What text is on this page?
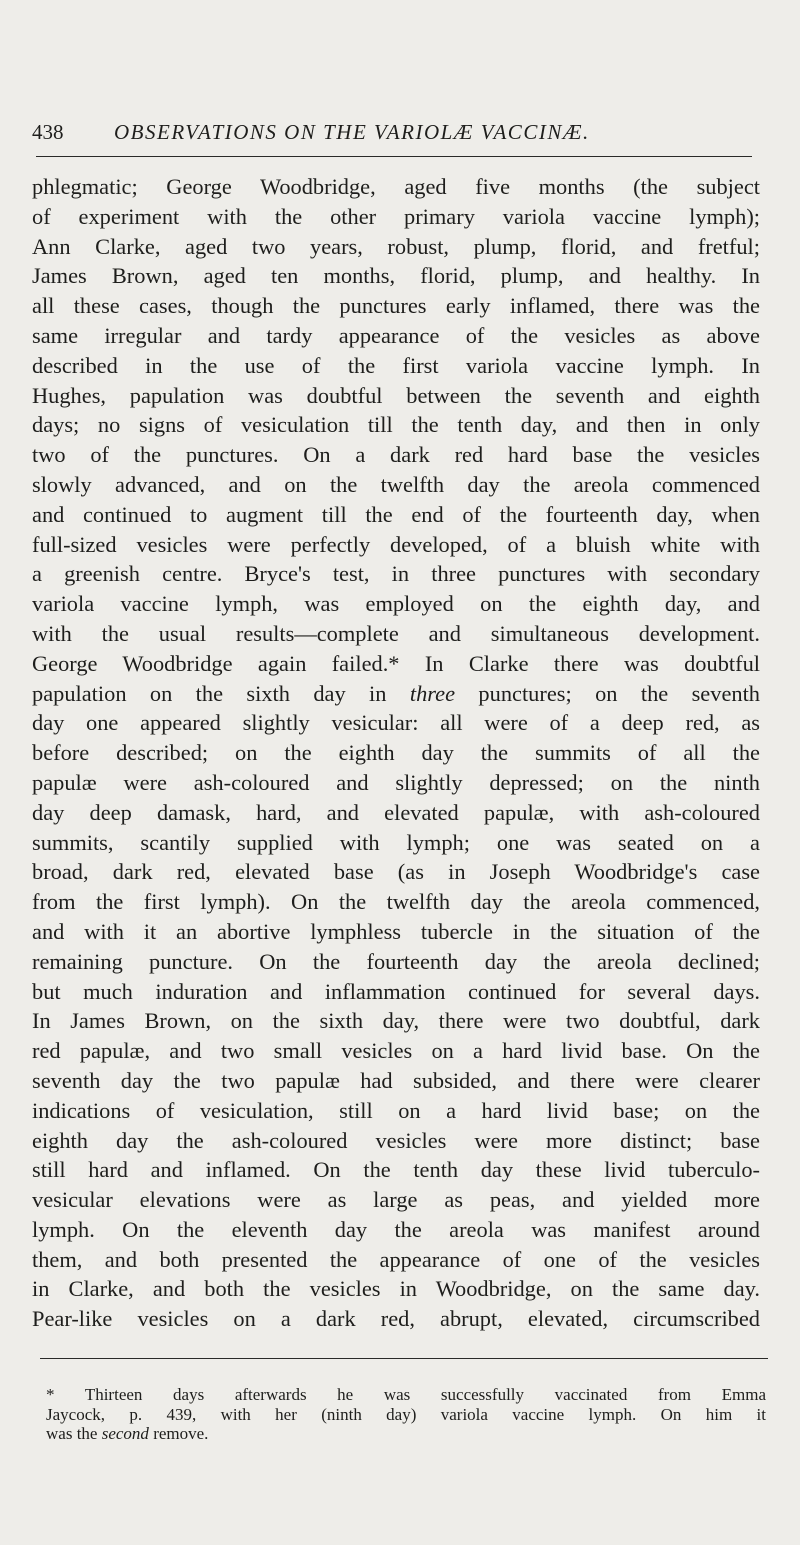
438 OBSERVATIONS ON THE VARIOLÆ VACCINÆ.
phlegmatic; George Woodbridge, aged five months (the subject
of experiment with the other primary variola vaccine lymph);
Ann Clarke, aged two years, robust, plump, florid, and fretful;
James Brown, aged ten months, florid, plump, and healthy. In
all these cases, though the punctures early inflamed, there was the
same irregular and tardy appearance of the vesicles as above
described in the use of the first variola vaccine lymph. In
Hughes, papulation was doubtful between the seventh and eighth
days; no signs of vesiculation till the tenth day, and then in only
two of the punctures. On a dark red hard base the vesicles
slowly advanced, and on the twelfth day the areola commenced
and continued to augment till the end of the fourteenth day, when
full-sized vesicles were perfectly developed, of a bluish white with
a greenish centre. Bryce's test, in three punctures with secondary
variola vaccine lymph, was employed on the eighth day, and
with the usual results—complete and simultaneous development.
George Woodbridge again failed.* In Clarke there was doubtful
papulation on the sixth day in three punctures; on the seventh
day one appeared slightly vesicular: all were of a deep red, as
before described; on the eighth day the summits of all the
papulæ were ash-coloured and slightly depressed; on the ninth
day deep damask, hard, and elevated papulæ, with ash-coloured
summits, scantily supplied with lymph; one was seated on a
broad, dark red, elevated base (as in Joseph Woodbridge's case
from the first lymph). On the twelfth day the areola commenced,
and with it an abortive lymphless tubercle in the situation of the
remaining puncture. On the fourteenth day the areola declined;
but much induration and inflammation continued for several days.
In James Brown, on the sixth day, there were two doubtful, dark
red papulæ, and two small vesicles on a hard livid base. On the
seventh day the two papulæ had subsided, and there were clearer
indications of vesiculation, still on a hard livid base; on the
eighth day the ash-coloured vesicles were more distinct; base
still hard and inflamed. On the tenth day these livid tuberculo-
vesicular elevations were as large as peas, and yielded more
lymph. On the eleventh day the areola was manifest around
them, and both presented the appearance of one of the vesicles
in Clarke, and both the vesicles in Woodbridge, on the same day.
Pear-like vesicles on a dark red, abrupt, elevated, circumscribed
* Thirteen days afterwards he was successfully vaccinated from Emma
Jaycock, p. 439, with her (ninth day) variola vaccine lymph. On him it
was the second remove.
